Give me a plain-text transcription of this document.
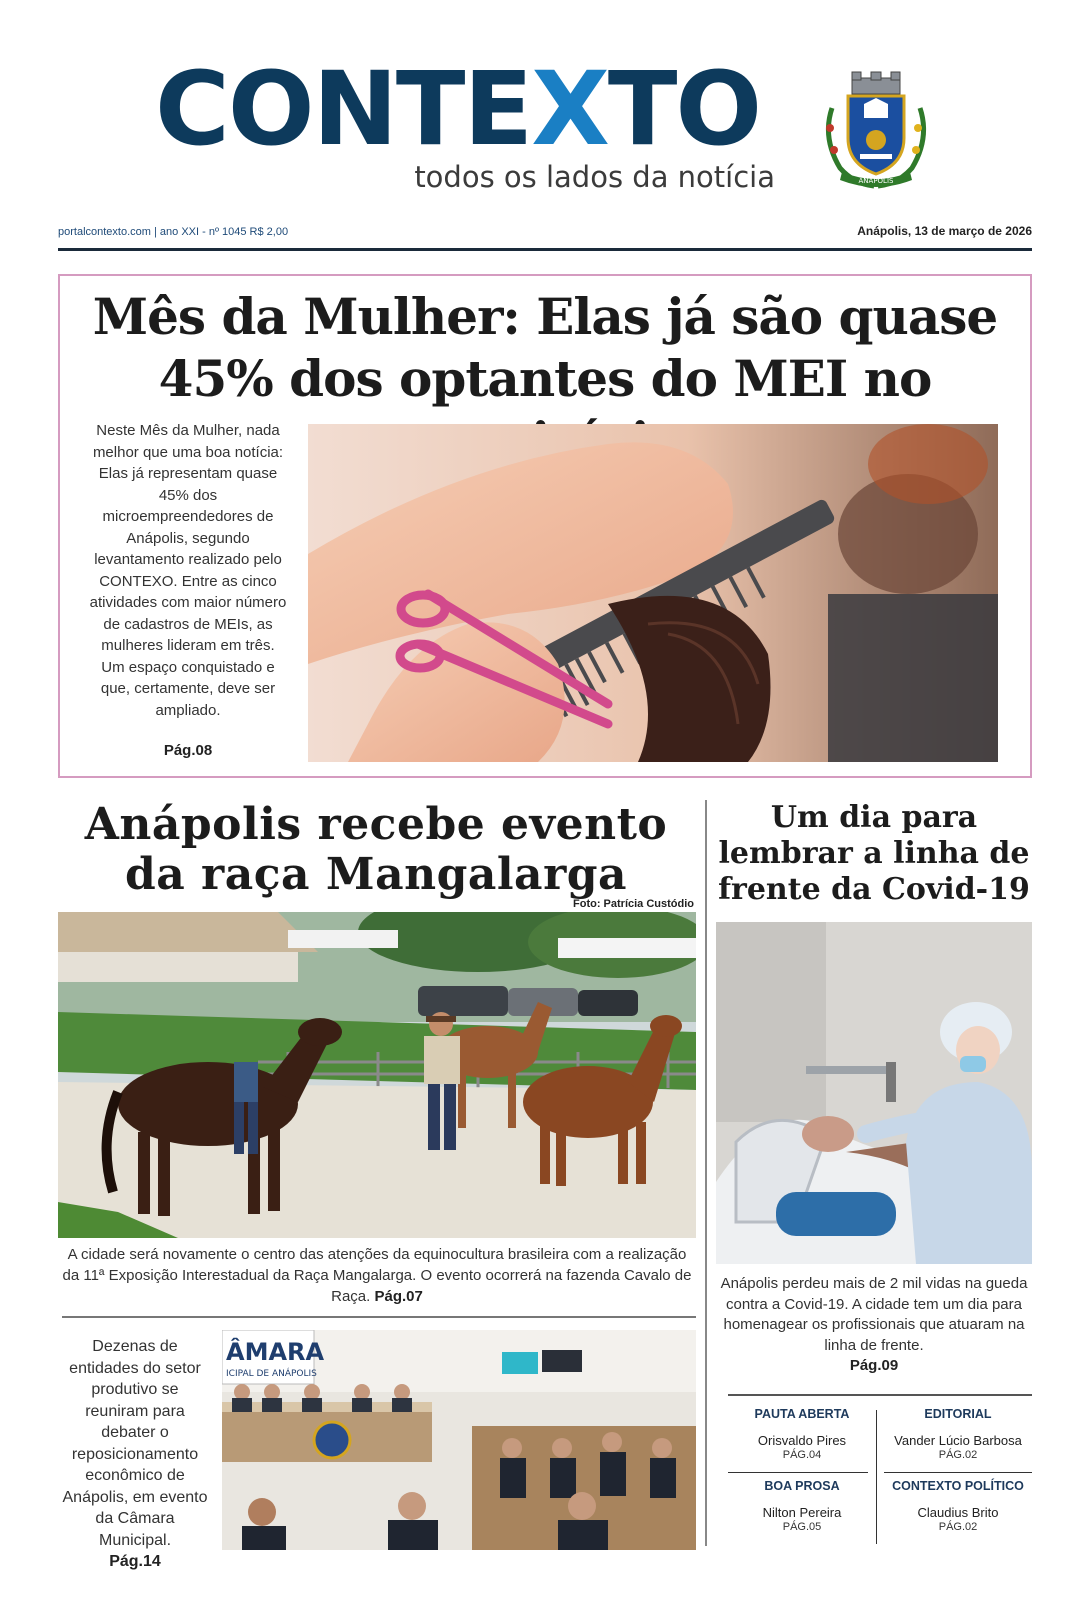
CONTEXTO
todos os lados da notícia	ANÁPOLIS
portalcontexto.com | ano XXI - nº 1045 R$ 2,00	Anápolis, 13 de março de 2026
Mês da Mulher: Elas já são quase 45% dos optantes do MEI no

Neste Mês da Mulher, nada melhor que uma boa notícia: Elas já representam quase 45% dos microempreendedores de Anápolis, segundo levantamento realizado pelo CONTEXO. Entre as cinco atividades com maior número de cadastros de MEIs, as mulheres lideram em três. Um espaço conquistado e que, certamente, deve ser ampliado.

Pág.08
Anápolis recebe evento da raça Mangalarga
Foto: Patrícia Custódio

A cidade será novamente o centro das atenções da equinocultura brasileira com a realização da 11ª Exposição Interestadual da Raça Mangalarga. O evento ocorrerá na fazenda Cavalo de Raça. Pág.07

Dezenas de entidades do setor produtivo se reuniram para debater o reposicionamento econômico de Anápolis, em evento da Câmara Municipal.
Pág.14

ÂMARA
ICIPAL DE ANÁPOLIS
Um dia para lembrar a linha de frente da Covid-19

Anápolis perdeu mais de 2 mil vidas na gueda contra a Covid-19. A cidade tem um dia para homenagear os profissionais que atuaram na linha de frente.
Pág.09

PAUTA ABERTA
Orisvaldo Pires
PÁG.04
EDITORIAL
Vander Lúcio Barbosa
PÁG.02
BOA PROSA
Nilton Pereira
PÁG.05
CONTEXTO POLÍTICO
Claudius Brito
PÁG.02
